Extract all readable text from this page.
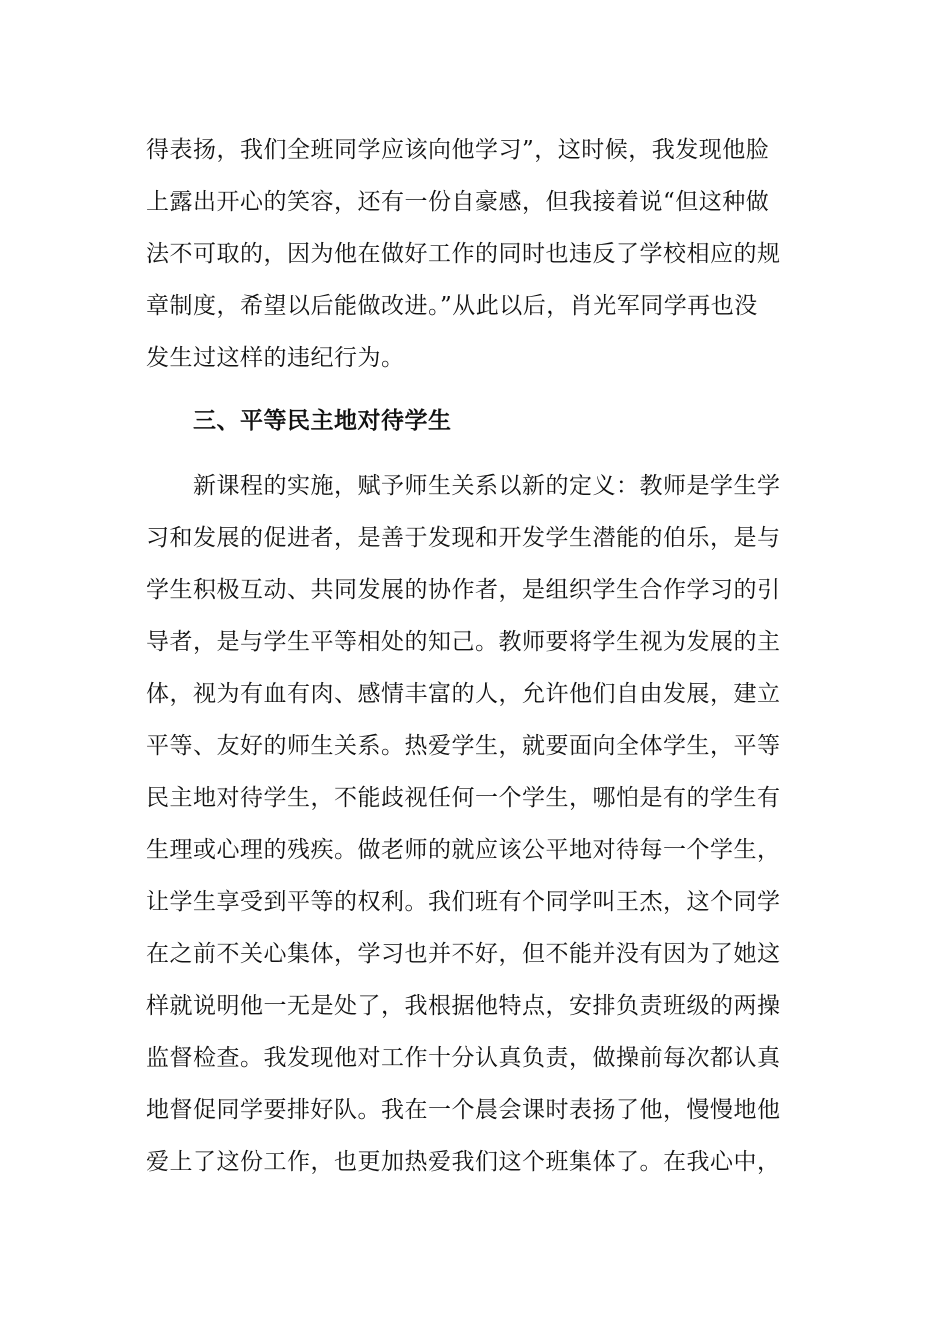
得表扬，我们全班同学应该向他学习”，这时候，我发现他脸
上露出开心的笑容，还有一份自豪感，但我接着说“但这种做
法不可取的，因为他在做好工作的同时也违反了学校相应的规
章制度，希望以后能做改进。”从此以后，肖光军同学再也没
发生过这样的违纪行为。
三、平等民主地对待学生
　　新课程的实施，赋予师生关系以新的定义：教师是学生学
习和发展的促进者，是善于发现和开发学生潜能的伯乐，是与
学生积极互动、共同发展的协作者，是组织学生合作学习的引
导者，是与学生平等相处的知己。教师要将学生视为发展的主
体，视为有血有肉、感情丰富的人，允许他们自由发展，建立
平等、友好的师生关系。热爱学生，就要面向全体学生，平等
民主地对待学生，不能歧视任何一个学生，哪怕是有的学生有
生理或心理的残疾。做老师的就应该公平地对待每一个学生，
让学生享受到平等的权利。我们班有个同学叫王杰，这个同学
在之前不关心集体，学习也并不好，但不能并没有因为了她这
样就说明他一无是处了，我根据他特点，安排负责班级的两操
监督检查。我发现他对工作十分认真负责，做操前每次都认真
地督促同学要排好队。我在一个晨会课时表扬了他，慢慢地他
爱上了这份工作，也更加热爱我们这个班集体了。在我心中，
